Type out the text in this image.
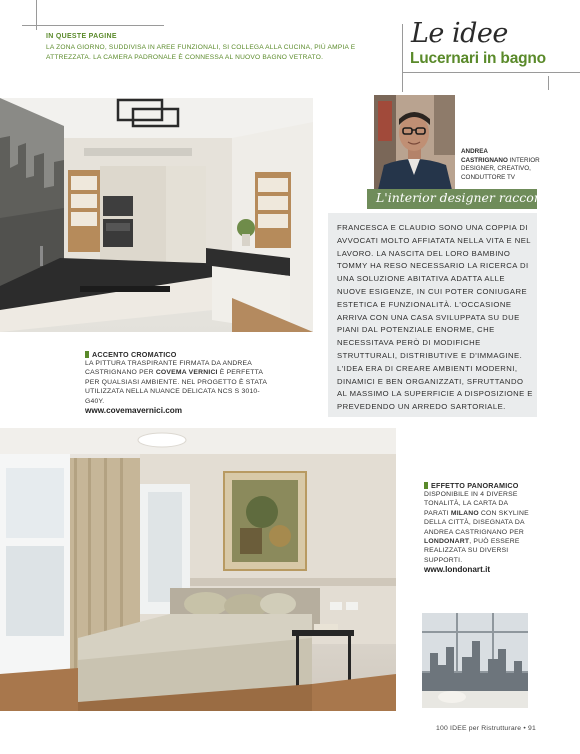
IN QUESTE PAGINE
LA ZONA GIORNO, SUDDIVISA IN AREE FUNZIONALI, SI COLLEGA ALLA CUCINA, PIÙ AMPIA E ATTREZZATA. LA CAMERA PADRONALE È CONNESSA AL NUOVO BAGNO VETRATO.
Le idee
Lucernari in bagno
ANDREA
CASTRIGNANO INTERIOR DESIGNER, CREATIVO, CONDUTTORE TV
L'interior designer racconta
FRANCESCA E CLAUDIO SONO UNA COPPIA DI AVVOCATI MOLTO AFFIATATA NELLA VITA E NEL LAVORO. LA NASCITA DEL LORO BAMBINO TOMMY HA RESO NECESSARIO LA RICERCA DI UNA SOLUZIONE ABITATIVA ADATTA ALLE NUOVE ESIGENZE, IN CUI POTER CONIUGARE ESTETICA E FUNZIONALITÀ. L'OCCASIONE ARRIVA CON UNA CASA SVILUPPATA SU DUE PIANI DAL POTENZIALE ENORME, CHE NECESSITAVA PERÒ DI MODIFICHE STRUTTURALI, DISTRIBUTIVE E D'IMMAGINE. L'IDEA ERA DI CREARE AMBIENTI MODERNI, DINAMICI E BEN ORGANIZZATI, SFRUTTANDO AL MASSIMO LA SUPERFICIE A DISPOSIZIONE E PREVEDENDO UN ARREDO SARTORIALE.
ACCENTO CROMATICO
LA PITTURA TRASPIRANTE FIRMATA DA ANDREA CASTRIGNANO PER COVEMA VERNICI È PERFETTA PER QUALSIASI AMBIENTE. NEL PROGETTO È STATA UTILIZZATA NELLA NUANCE DELICATA NCS S 3010-G40Y.
www.covemavernici.com
EFFETTO PANORAMICO
DISPONIBILE IN 4 DIVERSE TONALITÀ, LA CARTA DA PARATI MILANO CON SKYLINE DELLA CITTÀ, DISEGNATA DA ANDREA CASTRIGNANO PER LONDONART, PUÒ ESSERE REALIZZATA SU DIVERSI SUPPORTI.
www.londonart.it
100 IDEE per Ristrutturare • 91
